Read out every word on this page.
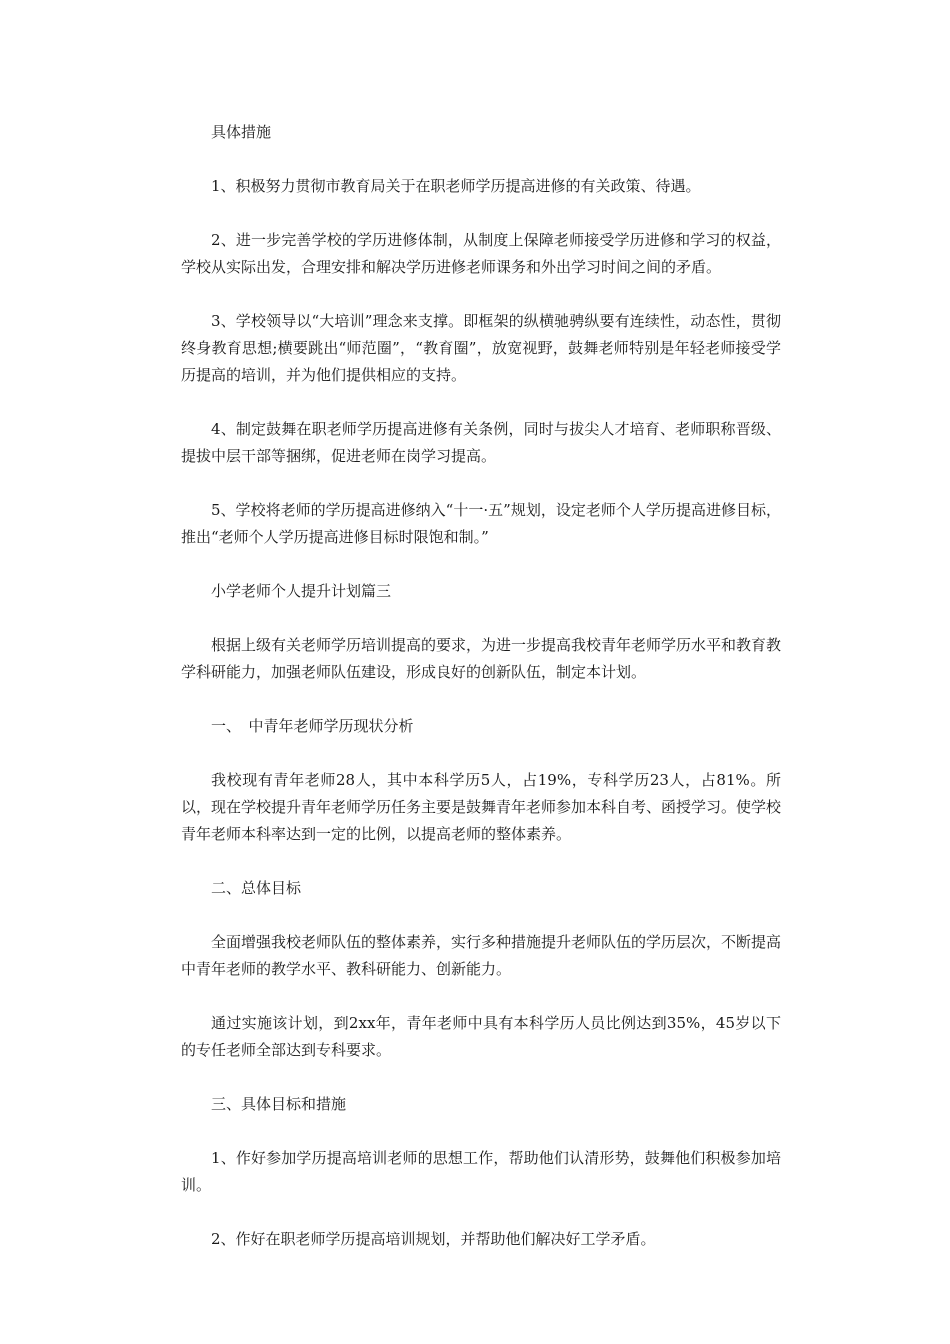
具体措施

1、积极努力贯彻市教育局关于在职老师学历提高进修的有关政策、待遇。

2、进一步完善学校的学历进修体制，从制度上保障老师接受学历进修和学习的权益，学校从实际出发，合理安排和解决学历进修老师课务和外出学习时间之间的矛盾。

3、学校领导以“大培训”理念来支撑。即框架的纵横驰骋纵要有连续性，动态性，贯彻终身教育思想;横要跳出“师范圈”，“教育圈”，放宽视野，鼓舞老师特别是年轻老师接受学历提高的培训，并为他们提供相应的支持。

4、制定鼓舞在职老师学历提高进修有关条例，同时与拔尖人才培育、老师职称晋级、提拔中层干部等捆绑，促进老师在岗学习提高。

5、学校将老师的学历提高进修纳入“十一·五”规划，设定老师个人学历提高进修目标，推出“老师个人学历提高进修目标时限饱和制。”

小学老师个人提升计划篇三

根据上级有关老师学历培训提高的要求，为进一步提高我校青年老师学历水平和教育教学科研能力，加强老师队伍建设，形成良好的创新队伍，制定本计划。

一、　中青年老师学历现状分析

我校现有青年老师28人，其中本科学历5人，占19%，专科学历23人，占81%。所以，现在学校提升青年老师学历任务主要是鼓舞青年老师参加本科自考、函授学习。使学校青年老师本科率达到一定的比例，以提高老师的整体素养。

二、总体目标

全面增强我校老师队伍的整体素养，实行多种措施提升老师队伍的学历层次，不断提高中青年老师的教学水平、教科研能力、创新能力。

通过实施该计划，到2xx年，青年老师中具有本科学历人员比例达到35%，45岁以下的专任老师全部达到专科要求。

三、具体目标和措施

1、作好参加学历提高培训老师的思想工作，帮助他们认清形势，鼓舞他们积极参加培训。

2、作好在职老师学历提高培训规划，并帮助他们解决好工学矛盾。
